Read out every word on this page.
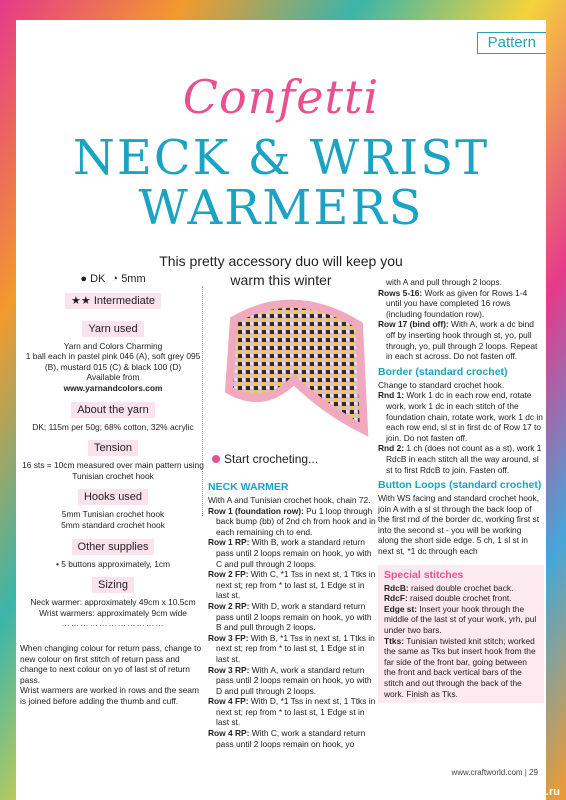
Pattern
Confetti
NECK & WRIST
WARMERS
This pretty accessory duo will keep you warm this winter
● DK ◔ 5mm
★★ Intermediate
Yarn used
Yarn and Colors Charming
1 ball each in pastel pink 046 (A), soft grey 095 (B), mustard 015 (C) & black 100 (D)
Available from
www.yarnandcolors.com
About the yarn
DK; 115m per 50g; 68% cotton, 32% acrylic
Tension
16 sts = 10cm measured over main pattern using Tunisian crochet hook
Hooks used
5mm Tunisian crochet hook
5mm standard crochet hook
Other supplies
• 5 buttons approximately, 1cm
Sizing
Neck warmer: approximately 49cm x 10.5cm
Wrist warmers: approximately 9cm wide
……………………………
When changing colour for return pass, change to new colour on first stitch of return pass and change to next colour on yo of last st of return pass.
Wrist warmers are worked in rows and the seam is joined before adding the thumb and cuff.
Start crocheting...
NECK WARMER
With A and Tunisian crochet hook, chain 72.
Row 1 (foundation row): Pu 1 loop through back bump (bb) of 2nd ch from hook and in each remaining ch to end.
Row 1 RP: With B, work a standard return pass until 2 loops remain on hook, yo with C and pull through 2 loops.
Row 2 FP: With C, *1 Tss in next st, 1 Ttks in next st; rep from * to last st, 1 Edge st in last st.
Row 2 RP: With D, work a standard return pass until 2 loops remain on hook, yo with B and pull through 2 loops.
Row 3 FP: With B, *1 Tss in next st, 1 Ttks in next st; rep from * to last st, 1 Edge st in last st.
Row 3 RP: With A, work a standard return pass until 2 loops remain on hook, yo with D and pull through 2 loops.
Row 4 FP: With D, *1 Tss in next st, 1 Ttks in next st; rep from * to last st, 1 Edge st in last st.
Row 4 RP: With C, work a standard return pass until 2 loops remain on hook, yo
with A and pull through 2 loops.
Rows 5-16: Work as given for Rows 1-4 until you have completed 16 rows (including foundation row).
Row 17 (bind off): With A, work a dc bind off by inserting hook through st, yo, pull through, yo, pull through 2 loops. Repeat in each st across. Do not fasten off.
Border (standard crochet)
Change to standard crochet hook.
Rnd 1: Work 1 dc in each row end, rotate work, work 1 dc in each stitch of the foundation chain, rotate work, work 1 dc in each row end, sl st in first dc of Row 17 to join. Do not fasten off.
Rnd 2: 1 ch (does not count as a st), work 1 RdcB in each stitch all the way around, sl st to first RdcB to join. Fasten off.
Button Loops (standard crochet)
With WS facing and standard crochet hook, join A with a sl st through the back loop of the first rnd of the border dc, working first st into the second st - you will be working along the short side edge. 5 ch, 1 sl st in next st, *1 dc through each
Special stitches
RdcB: raised double crochet back.
RdcF: raised double crochet front.
Edge st: Insert your hook through the middle of the last st of your work, yrh, pul under two bars.
Ttks: Tunisian twisted knit stitch; worked the same as Tks but insert hook from the far side of the front bar, going between the front and back vertical bars of the stitch and out through the back of the work. Finish as Tks.
www.craftworld.com | 29
PassionForum.ru
